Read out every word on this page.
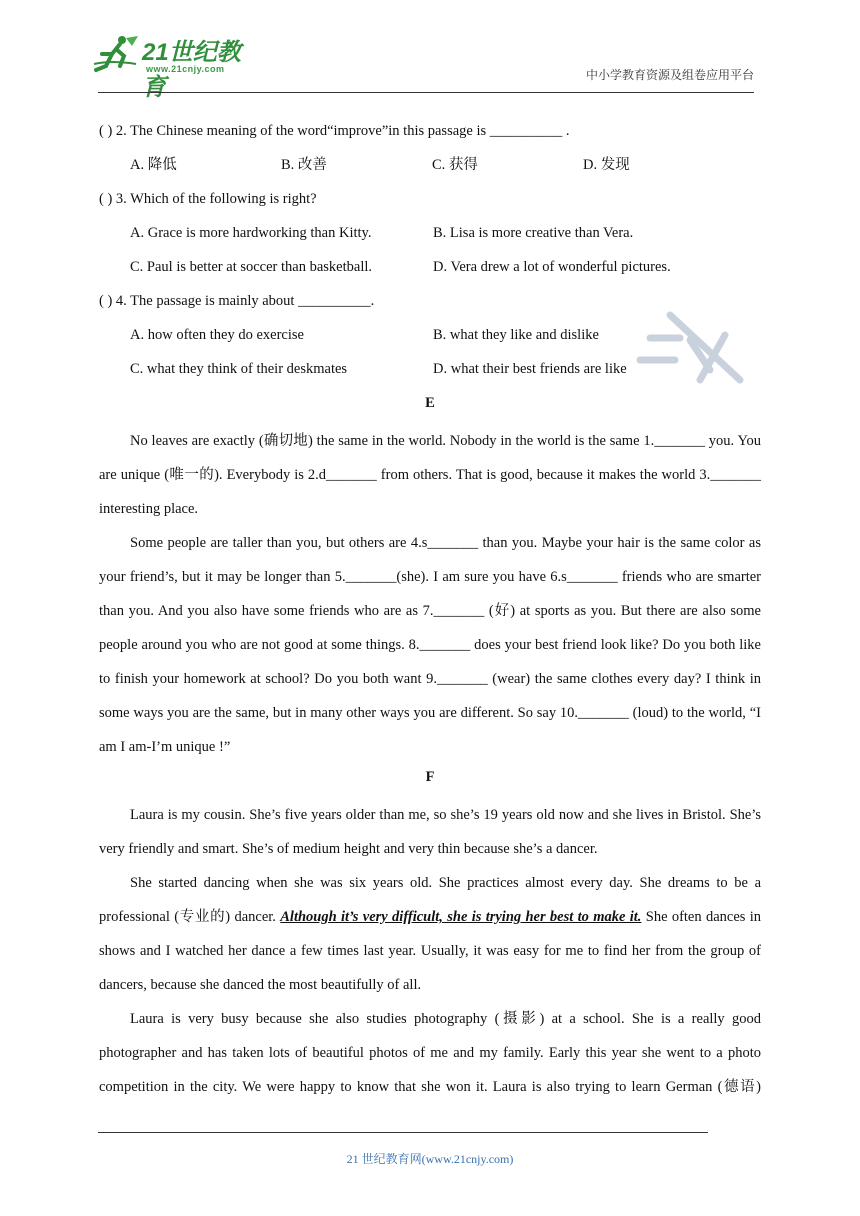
21世纪教育
www.21cnjy.com	中小学教育资源及组卷应用平台
( ) 2. The Chinese meaning of the word“improve”in this passage is __________ .
A. 降低	B. 改善	C. 获得	D. 发现
( ) 3. Which of the following is right?
A. Grace is more hardworking than Kitty.	B. Lisa is more creative than Vera.
C. Paul is better at soccer than basketball.	D. Vera drew a lot of wonderful pictures.
( ) 4. The passage is mainly about __________.
A. how often they do exercise	B. what they like and dislike
C. what they think of their deskmates	D. what their best friends are like
E

No leaves are exactly (确切地) the same in the world. Nobody in the world is the same 1._______ you. You are unique (唯一的). Everybody is 2.d_______ from others. That is good, because it makes the world 3._______ interesting place.

Some people are taller than you, but others are 4.s_______ than you. Maybe your hair is the same color as your friend’s, but it may be longer than 5._______(she). I am sure you have 6.s_______ friends who are smarter than you. And you also have some friends who are as 7._______ (好) at sports as you. But there are also some people around you who are not good at some things. 8._______ does your best friend look like? Do you both like to finish your homework at school? Do you both want 9._______ (wear) the same clothes every day? I think in some ways you are the same, but in many other ways you are different. So say 10._______ (loud) to the world, “I am I am-I’m unique !”

F

Laura is my cousin. She’s five years older than me, so she’s 19 years old now and she lives in Bristol. She’s very friendly and smart. She’s of medium height and very thin because she’s a dancer.

She started dancing when she was six years old. She practices almost every day. She dreams to be a professional (专业的) dancer. Although it’s very difficult, she is trying her best to make it. She often dances in shows and I watched her dance a few times last year. Usually, it was easy for me to find her from the group of dancers, because she danced the most beautifully of all.

Laura is very busy because she also studies photography (摄影) at a school. She is a really good photographer and has taken lots of beautiful photos of me and my family. Early this year she went to a photo competition in the city. We were happy to know that she won it. Laura is also trying to learn German (德语)

21 世纪教育网(www.21cnjy.com)
